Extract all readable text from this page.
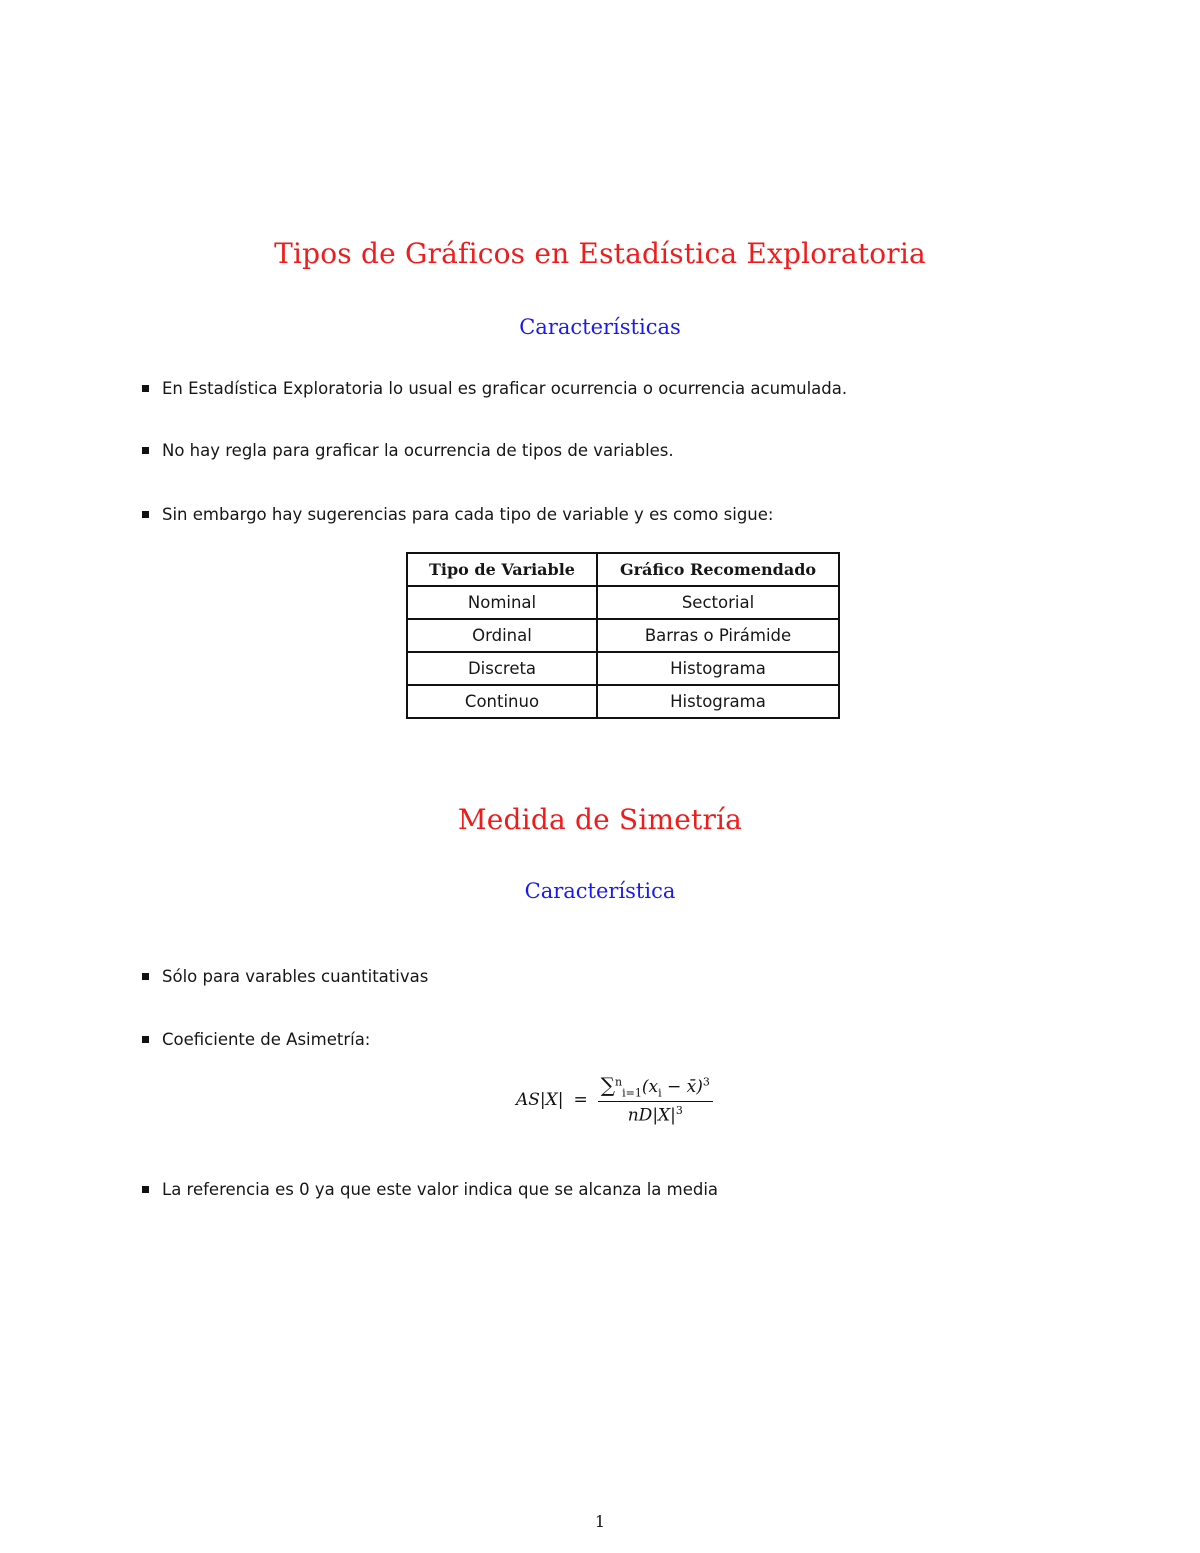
Tipos de Gráficos en Estadística Exploratoria
Características
En Estadística Exploratoria lo usual es graficar ocurrencia o ocurrencia acumulada.
No hay regla para graficar la ocurrencia de tipos de variables.
Sin embargo hay sugerencias para cada tipo de variable y es como sigue:
Tipo de Variable	Gráfico Recomendado
Nominal	Sectorial
Ordinal	Barras o Pirámide
Discreta	Histograma
Continuo	Histograma
Medida de Simetría
Característica
Sólo para varables cuantitativas
Coeficiente de Asimetría:
$AS|X| = \frac{\sum^n_{i=1}(x_i - x̄)^3}{nD|X|^3}$
La referencia es 0 ya que este valor indica que se alcanza la media
1
